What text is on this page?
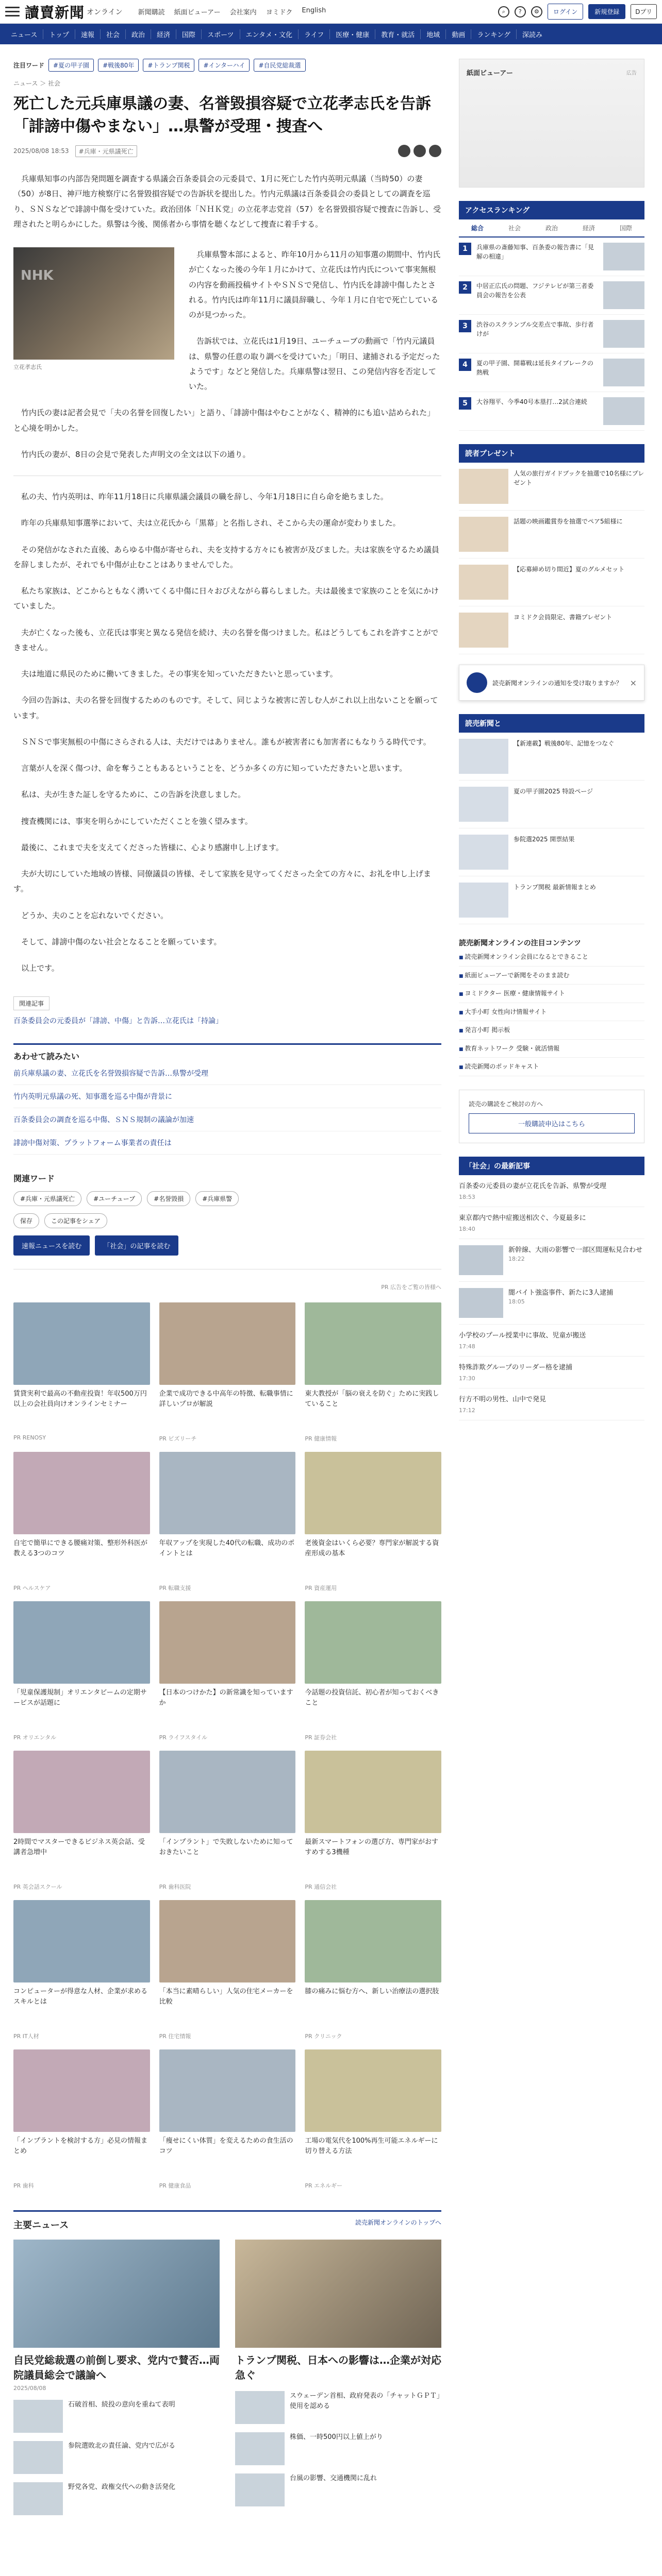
讀賣新聞 オンライン 新聞購読 紙面ビューアー 会社案内 ヨミドク English	⌕	?	⚙	ログイン	新規登録	Dプリ
ニュース	トップ	速報	社会	政治	経済	国際	スポーツ	エンタメ・文化	ライフ	医療・健康	教育・就活	地域	動画	ランキング	深読み
注目ワード	#夏の甲子園	#戦後80年	#トランプ関税	#インターハイ	#自民党総裁選
ニュース ＞ 社会
死亡した元兵庫県議の妻、名誉毀損容疑で立花孝志氏を告訴「誹謗中傷やまない」…県警が受理・捜査へ
2025/08/08 18:53	#兵庫・元県議死亡

兵庫県知事の内部告発問題を調査する県議会百条委員会の元委員で、1月に死亡した竹内英明元県議（当時50）の妻（50）が8日、神戸地方検察庁に名誉毀損容疑での告訴状を提出した。竹内元県議は百条委員会の委員としての調査を巡り、ＳＮＳなどで誹謗中傷を受けていた。政治団体「ＮＨＫ党」の立花孝志党首（57）を名誉毀損容疑で捜査に告訴し、受理されたと明らかにした。県警は今後、関係者から事情を聴くなどして捜査に着手する。

NHK
立花孝志氏

兵庫県警本部によると、昨年10月から11月の知事選の期間中、竹内氏が亡くなった後の今年１月にかけて、立花氏は竹内氏について事実無根の内容を動画投稿サイトやＳＮＳで発信し、竹内氏を誹謗中傷したとされる。竹内氏は昨年11月に議員辞職し、今年１月に自宅で死亡しているのが見つかった。

告訴状では、立花氏は1月19日、ユーチューブの動画で「竹内元議員は、県警の任意の取り調べを受けていた」「明日、逮捕される予定だったようです」などと発信した。兵庫県警は翌日、この発信内容を否定していた。

竹内氏の妻は記者会見で「夫の名誉を回復したい」と語り、「誹謗中傷はやむことがなく、精神的にも追い詰められた」と心境を明かした。

竹内氏の妻が、8日の会見で発表した声明文の全文は以下の通り。

私の夫、竹内英明は、昨年11月18日に兵庫県議会議員の職を辞し、今年1月18日に自ら命を絶ちました。

昨年の兵庫県知事選挙において、夫は立花氏から「黒幕」と名指しされ、そこから夫の運命が変わりました。

その発信がなされた直後、あらゆる中傷が寄せられ、夫を支持する方々にも被害が及びました。夫は家族を守るため議員を辞しましたが、それでも中傷が止むことはありませんでした。

私たち家族は、どこからともなく湧いてくる中傷に日々おびえながら暮らしました。夫は最後まで家族のことを気にかけていました。

夫が亡くなった後も、立花氏は事実と異なる発信を続け、夫の名誉を傷つけました。私はどうしてもこれを許すことができません。

夫は地道に県民のために働いてきました。その事実を知っていただきたいと思っています。

今回の告訴は、夫の名誉を回復するためのものです。そして、同じような被害に苦しむ人がこれ以上出ないことを願っています。

ＳＮＳで事実無根の中傷にさらされる人は、夫だけではありません。誰もが被害者にも加害者にもなりうる時代です。

言葉が人を深く傷つけ、命を奪うこともあるということを、どうか多くの方に知っていただきたいと思います。

私は、夫が生きた証しを守るために、この告訴を決意しました。

捜査機関には、事実を明らかにしていただくことを強く望みます。

最後に、これまで夫を支えてくださった皆様に、心より感謝申し上げます。

夫が大切にしていた地域の皆様、同僚議員の皆様、そして家族を見守ってくださった全ての方々に、お礼を申し上げます。

どうか、夫のことを忘れないでください。

そして、誹謗中傷のない社会となることを願っています。

以上です。

関連記事
百条委員会の元委員が「誹謗、中傷」と告訴…立花氏は「持論」
あわせて読みたい
前兵庫県議の妻、立花氏を名誉毀損容疑で告訴…県警が受理
竹内英明元県議の死、知事選を巡る中傷が背景に
百条委員会の調査を巡る中傷、ＳＮＳ規制の議論が加速
誹謗中傷対策、プラットフォーム事業者の責任は
関連ワード
#兵庫・元県議死亡	#ユーチューブ	#名誉毀損	#兵庫県警
保存	この記事をシェア
速報ニュースを読む	「社会」の記事を読む
PR 広告をご覧の皆様へ
賃貸実利で最高の不動産投資！年収500万円以上の会社員向けオンラインセミナー
PR RENOSY
企業で成功できる中高年の特徴、転職事情に詳しいプロが解説
PR ビズリーチ
東大教授が「脳の衰えを防ぐ」ために実践していること
PR 健康情報
自宅で簡単にできる腰痛対策、整形外科医が教える3つのコツ
PR ヘルスケア
年収アップを実現した40代の転職、成功のポイントとは
PR 転職支援
老後資金はいくら必要？専門家が解説する資産形成の基本
PR 資産運用
「児童保護規制」オリエンタビームの定期サービスが話題に
PR オリエンタル
【日本のつけかた】の新常識を知っていますか
PR ライフスタイル
今話題の投資信託、初心者が知っておくべきこと
PR 証券会社
2時間でマスターできるビジネス英会話、受講者急増中
PR 英会話スクール
「インプラント」で失敗しないために知っておきたいこと
PR 歯科医院
最新スマートフォンの選び方、専門家がおすすめする3機種
PR 通信会社
コンピューターが得意な人材、企業が求めるスキルとは
PR IT人材
「本当に素晴らしい」人気の住宅メーカーを比較
PR 住宅情報
膝の痛みに悩む方へ、新しい治療法の選択肢
PR クリニック
「インプラントを検討する方」必見の情報まとめ
PR 歯科
「痩せにくい体質」を変えるための食生活のコツ
PR 健康食品
工場の電気代を100%再生可能エネルギーに切り替える方法
PR エネルギー
主要ニュース	読売新聞オンラインのトップへ
自民党総裁選の前倒し要求、党内で賛否…両院議員総会で議論へ
2025/08/08
石破首相、続投の意向を重ねて表明
参院選敗北の責任論、党内で広がる
野党各党、政権交代への動き活発化
トランプ関税、日本への影響は…企業が対応急ぐ
スウェーデン首相、政府発表の「チャットＧＰＴ」使用を認める
株価、一時500円以上値上がり
台風の影響、交通機関に乱れ
紙面ビューアー	広告
アクセスランキング
総合	社会	政治	経済	国際
1	兵庫県の斎藤知事、百条委の報告書に「見解の相違」
2	中居正広氏の問題、フジテレビが第三者委員会の報告を公表
3	渋谷のスクランブル交差点で事故、歩行者けが
4	夏の甲子園、開幕戦は延長タイブレークの熱戦
5	大谷翔平、今季40号本塁打…2試合連続
読者プレゼント
人気の旅行ガイドブックを抽選で10名様にプレゼント
話題の映画鑑賞券を抽選でペア5組様に
【応募締め切り間近】夏のグルメセット
ヨミドク会員限定、書籍プレゼント
読売新聞オンラインの通知を受け取りますか？ ×
読売新聞と
【新連載】戦後80年、記憶をつなぐ
夏の甲子園2025 特設ページ
参院選2025 開票結果
トランプ関税 最新情報まとめ
読売新聞オンラインの注目コンテンツ
■ 読売新聞オンライン会員になるとできること
■ 紙面ビューアーで新聞をそのまま読む
■ ヨミドクター 医療・健康情報サイト
■ 大手小町 女性向け情報サイト
■ 発言小町 掲示板
■ 教育ネットワーク 受験・就活情報
■ 読売新聞のポッドキャスト
読売の購読をご検討の方へ
一般購読申込はこちら
「社会」の最新記事
百条委の元委員の妻が立花氏を告訴、県警が受理
18:53
東京都内で熱中症搬送相次ぐ、今夏最多に
18:40
新幹線、大雨の影響で一部区間運転見合わせ
18:22
闇バイト強盗事件、新たに3人逮捕
18:05
小学校のプール授業中に事故、児童が搬送
17:48
特殊詐欺グループのリーダー格を逮捕
17:30
行方不明の男性、山中で発見
17:12
